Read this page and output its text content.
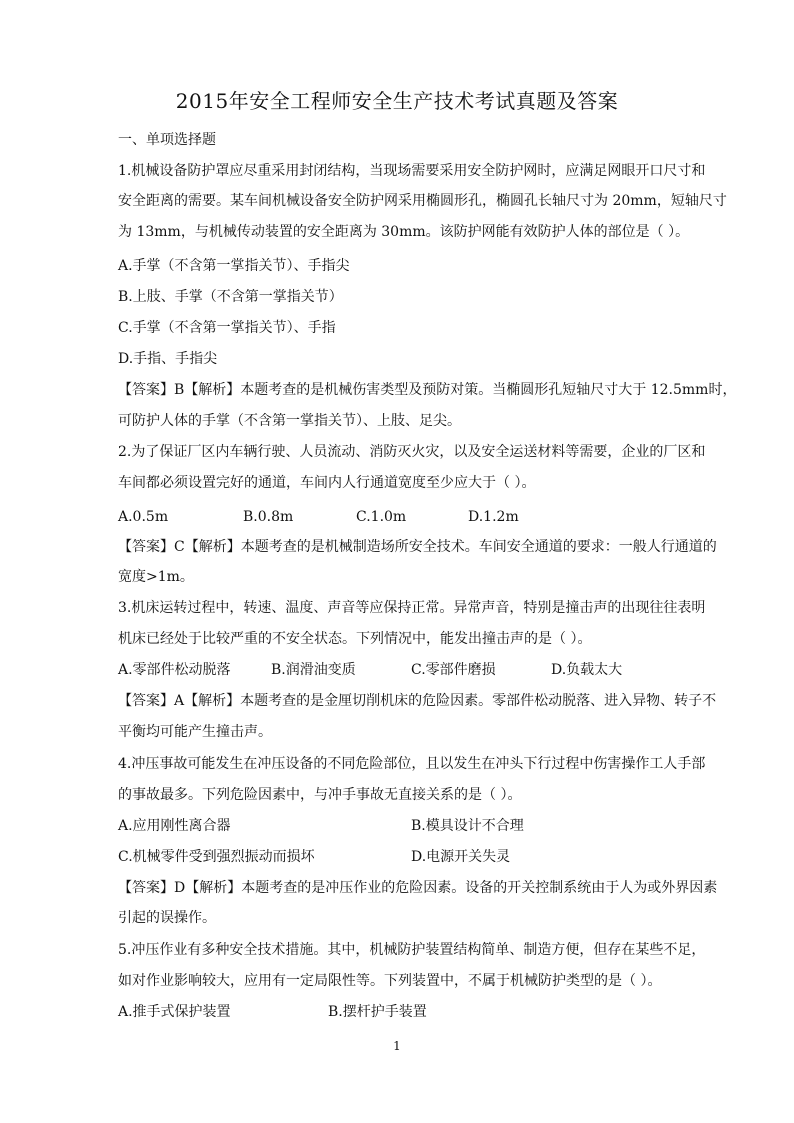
2015年安全工程师安全生产技术考试真题及答案
一、单项选择题
1.机械设备防护罩应尽重采用封闭结构，当现场需要采用安全防护网时，应满足网眼开口尺寸和
安全距离的需要。某车间机械设备安全防护网采用椭圆形孔，椭圆孔长轴尺寸为 20mm，短轴尺寸
为 13mm，与机械传动装置的安全距离为 30mm。该防护网能有效防护人体的部位是（ ）。
A.手掌（不含第一掌指关节）、手指尖
B.上肢、手掌（不含第一掌指关节）
C.手掌（不含第一掌指关节）、手指
D.手指、手指尖
【答案】B【解析】本题考查的是机械伤害类型及预防对策。当椭圆形孔短轴尺寸大于 12.5mm时，
可防护人体的手掌（不含第一掌指关节）、上肢、足尖。
2.为了保证厂区内车辆行驶、人员流动、消防灭火灾，以及安全运送材料等需要，企业的厂区和
车间都必须设置完好的通道，车间内人行通道宽度至少应大于（ ）。
A.0.5m	B.0.8m	C.1.0m	D.1.2m
【答案】C【解析】本题考查的是机械制造场所安全技术。车间安全通道的要求：一般人行通道的
宽度>1m。
3.机床运转过程中，转速、温度、声音等应保持正常。异常声音，特别是撞击声的出现往往表明
机床已经处于比较严重的不安全状态。下列情况中，能发出撞击声的是（ ）。
A.零部件松动脱落	B.润滑油变质	C.零部件磨损	D.负载太大
【答案】A【解析】本题考查的是金厘切削机床的危险因素。零部件松动脱落、进入异物、转子不
平衡均可能产生撞击声。
4.冲压事故可能发生在冲压设备的不同危险部位，且以发生在冲头下行过程中伤害操作工人手部
的事故最多。下列危险因素中，与冲手事故无直接关系的是（ ）。
A.应用刚性离合器	B.模具设计不合理
C.机械零件受到强烈振动而损坏	D.电源开关失灵
【答案】D【解析】本题考查的是冲压作业的危险因素。设备的开关控制系统由于人为或外界因素
引起的误操作。
5.冲压作业有多种安全技术措施。其中，机械防护装置结构简单、制造方便，但存在某些不足，
如对作业影响较大，应用有一定局限性等。下列装置中，不属于机械防护类型的是（ ）。
A.推手式保护装置	B.摆杆护手装置
1
